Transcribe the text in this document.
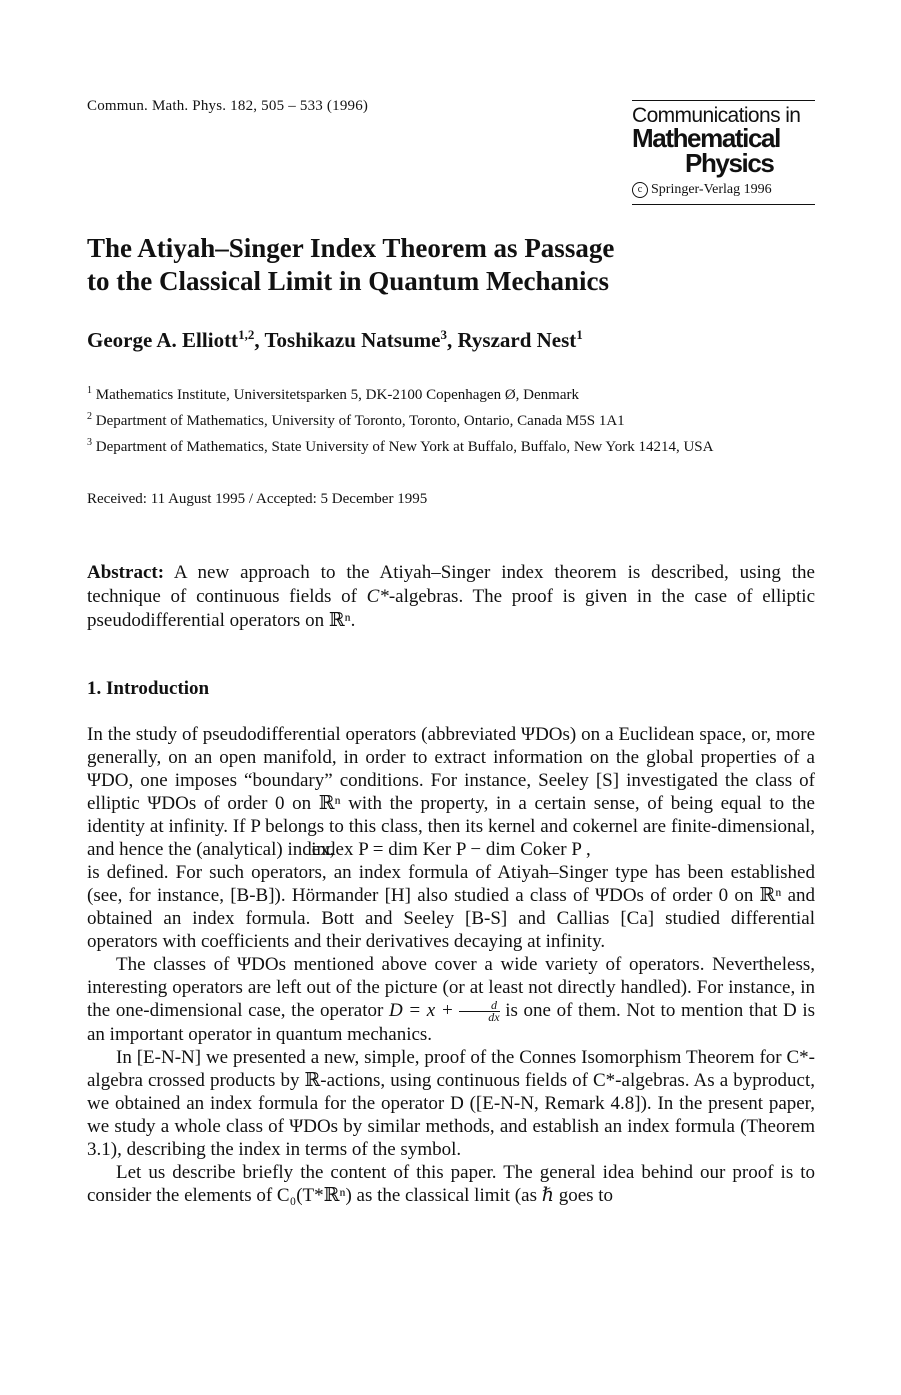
Commun. Math. Phys. 182, 505 – 533 (1996)	Communications in
Mathematical
Physics
c Springer-Verlag 1996
The Atiyah–Singer Index Theorem as Passage
to the Classical Limit in Quantum Mechanics
George A. Elliott$^{1,2}$, Toshikazu Natsume$^3$, Ryszard Nest$^1$
$^1$ Mathematics Institute, Universitetsparken 5, DK-2100 Copenhagen Ø, Denmark
$^2$ Department of Mathematics, University of Toronto, Toronto, Ontario, Canada M5S 1A1
$^3$ Department of Mathematics, State University of New York at Buffalo, Buffalo, New York 14214, USA
Received: 11 August 1995 / Accepted: 5 December 1995
Abstract: A new approach to the Atiyah–Singer index theorem is described, using the technique of continuous fields of C*-algebras. The proof is given in the case of elliptic pseudodifferential operators on ℝⁿ.
1. Introduction

In the study of pseudodifferential operators (abbreviated ΨDOs) on a Euclidean space, or, more generally, on an open manifold, in order to extract information on the global properties of a ΨDO, one imposes “boundary” conditions. For instance, Seeley [S] investigated the class of elliptic ΨDOs of order 0 on ℝⁿ with the property, in a certain sense, of being equal to the identity at infinity. If P belongs to this class, then its kernel and cokernel are finite-dimensional, and hence the (analytical) index,

index P = dim Ker P − dim Coker P ,

is defined. For such operators, an index formula of Atiyah–Singer type has been established (see, for instance, [B-B]). Hörmander [H] also studied a class of ΨDOs of order 0 on ℝⁿ and obtained an index formula. Bott and Seeley [B-S] and Callias [Ca] studied differential operators with coefficients and their derivatives decaying at infinity.

The classes of ΨDOs mentioned above cover a wide variety of operators. Nevertheless, interesting operators are left out of the picture (or at least not directly handled). For instance, in the one-dimensional case, the operator $D = x + \frac{d}{dx}$ is one of them. Not to mention that D is an important operator in quantum mechanics.

In [E-N-N] we presented a new, simple, proof of the Connes Isomorphism Theorem for C*-algebra crossed products by ℝ-actions, using continuous fields of C*-algebras. As a byproduct, we obtained an index formula for the operator D ([E-N-N, Remark 4.8]). In the present paper, we study a whole class of ΨDOs by similar methods, and establish an index formula (Theorem 3.1), describing the index in terms of the symbol.

Let us describe briefly the content of this paper. The general idea behind our proof is to consider the elements of C₀(T*ℝⁿ) as the classical limit (as ℏ goes to
